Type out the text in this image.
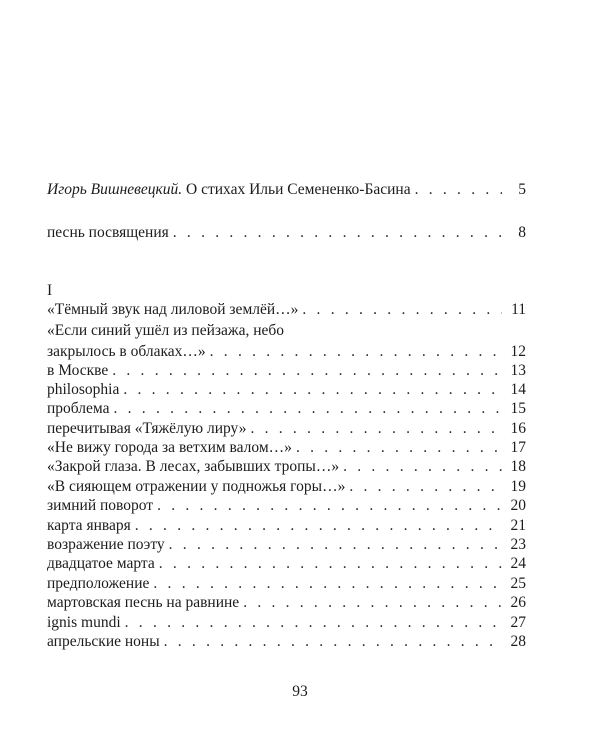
Игорь Вишневецкий. О стихах Ильи Семененко-Басина . . .	5
песнь посвящения . . .	8
I
«Тёмный звук над лиловой землёй…» . . .	11
«Если синий ушёл из пейзажа, небо
закрылось в облаках…» . . .	12
в Москве . . .	13
philosophia . . .	14
проблема . . .	15
перечитывая «Тяжёлую лиру» . . .	16
«Не вижу города за ветхим валом…» . . .	17
«Закрой глаза. В лесах, забывших тропы…» . . .	18
«В сияющем отражении у подножья горы…» . . .	19
зимний поворот . . .	20
карта января . . .	21
возражение поэту . . .	23
двадцатое марта . . .	24
предположение . . .	25
мартовская песнь на равнине . . .	26
ignis mundi . . .	27
апрельские ноны . . .	28
93
